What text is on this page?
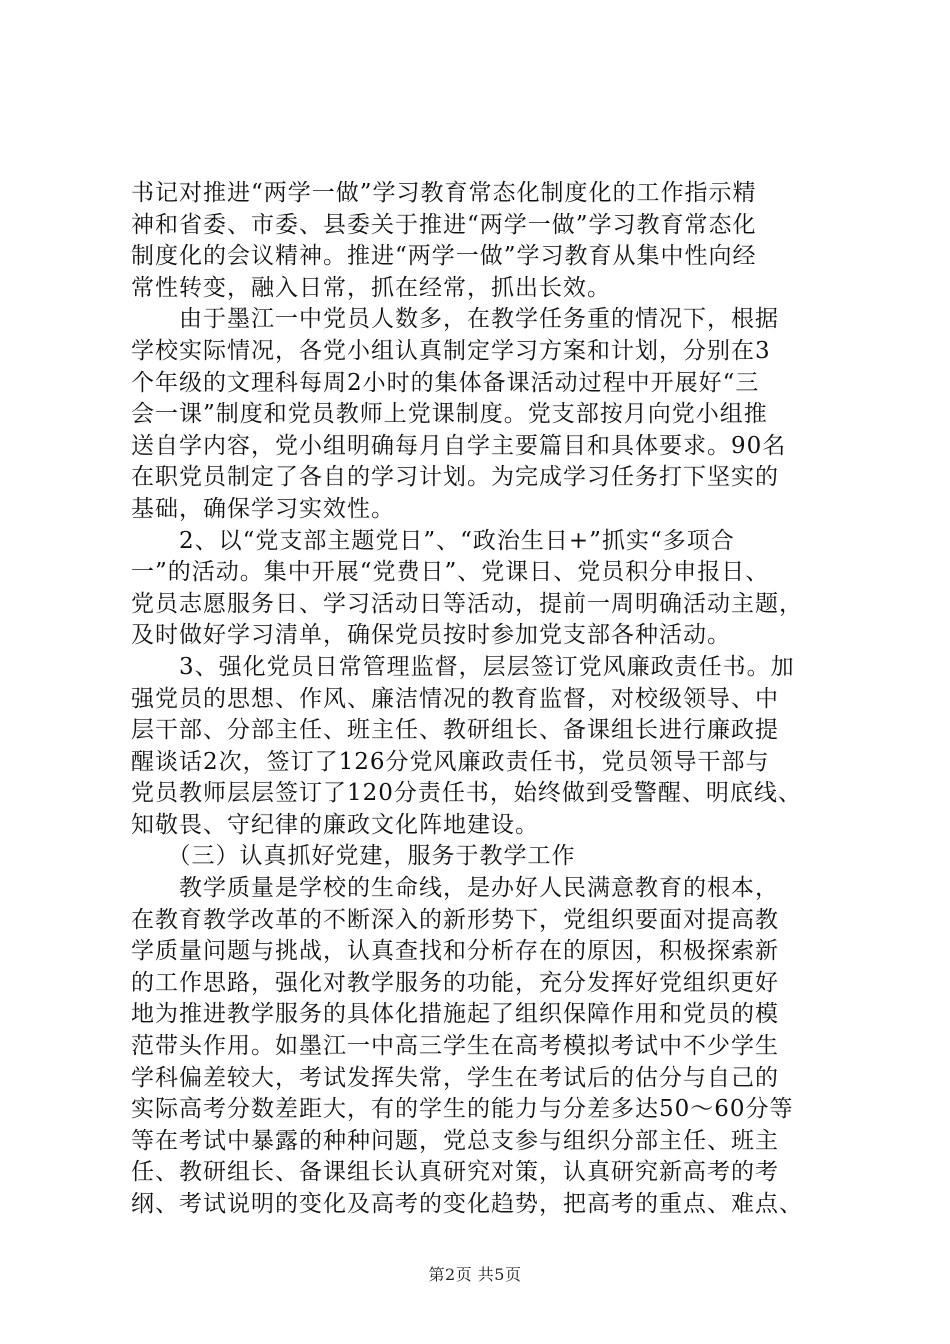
书记对推进“两学一做”学习教育常态化制度化的工作指示精
神和省委、市委、县委关于推进“两学一做”学习教育常态化
制度化的会议精神。推进“两学一做”学习教育从集中性向经
常性转变，融入日常，抓在经常，抓出长效。
　　由于墨江一中党员人数多，在教学任务重的情况下，根据
学校实际情况，各党小组认真制定学习方案和计划，分别在3
个年级的文理科每周2小时的集体备课活动过程中开展好“三
会一课”制度和党员教师上党课制度。党支部按月向党小组推
送自学内容，党小组明确每月自学主要篇目和具体要求。90名
在职党员制定了各自的学习计划。为完成学习任务打下坚实的
基础，确保学习实效性。
　　2、以“党支部主题党日”、“政治生日+”抓实“多项合
一”的活动。集中开展“党费日”、党课日、党员积分申报日、
党员志愿服务日、学习活动日等活动，提前一周明确活动主题，
及时做好学习清单，确保党员按时参加党支部各种活动。
　　3、强化党员日常管理监督，层层签订党风廉政责任书。加
强党员的思想、作风、廉洁情况的教育监督，对校级领导、中
层干部、分部主任、班主任、教研组长、备课组长进行廉政提
醒谈话2次，签订了126分党风廉政责任书，党员领导干部与
党员教师层层签订了120分责任书，始终做到受警醒、明底线、
知敬畏、守纪律的廉政文化阵地建设。
　　（三）认真抓好党建，服务于教学工作
　　教学质量是学校的生命线，是办好人民满意教育的根本，
在教育教学改革的不断深入的新形势下，党组织要面对提高教
学质量问题与挑战，认真查找和分析存在的原因，积极探索新
的工作思路，强化对教学服务的功能，充分发挥好党组织更好
地为推进教学服务的具体化措施起了组织保障作用和党员的模
范带头作用。如墨江一中高三学生在高考模拟考试中不少学生
学科偏差较大，考试发挥失常，学生在考试后的估分与自己的
实际高考分数差距大，有的学生的能力与分差多达50～60分等
等在考试中暴露的种种问题，党总支参与组织分部主任、班主
任、教研组长、备课组长认真研究对策，认真研究新高考的考
纲、考试说明的变化及高考的变化趋势，把高考的重点、难点、
第2页 共5页
